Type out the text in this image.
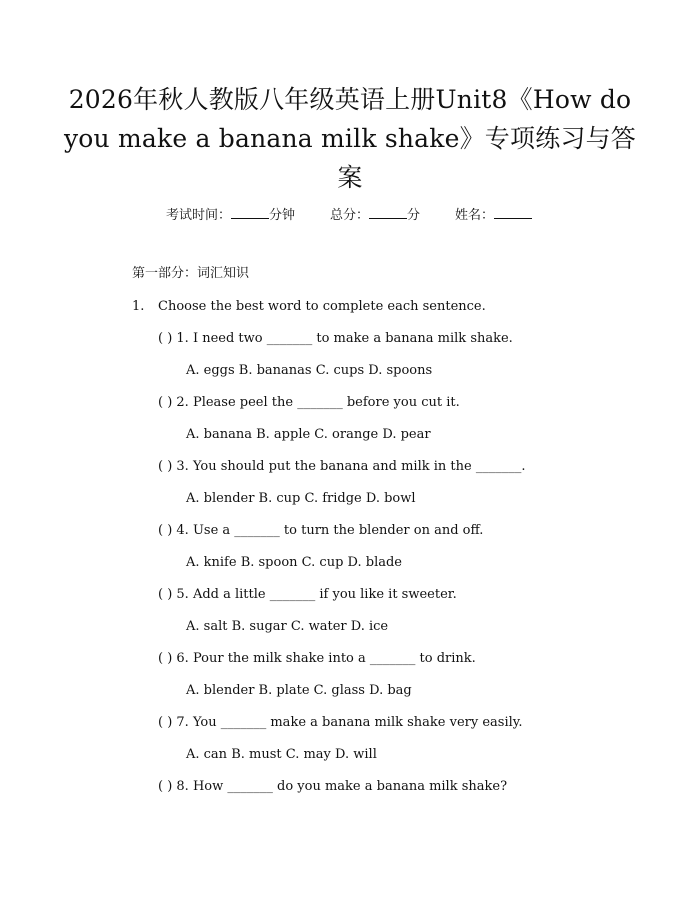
2026年秋人教版八年级英语上册Unit8《How do you make a banana milk shake》专项练习与答案
考试时间：	分钟	总分：	分	姓名：
第一部分：词汇知识
1. Choose the best word to complete each sentence.
( ) 1. I need two _______ to make a banana milk shake.
A. eggs B. bananas C. cups D. spoons
( ) 2. Please peel the _______ before you cut it.
A. banana B. apple C. orange D. pear
( ) 3. You should put the banana and milk in the _______.
A. blender B. cup C. fridge D. bowl
( ) 4. Use a _______ to turn the blender on and off.
A. knife B. spoon C. cup D. blade
( ) 5. Add a little _______ if you like it sweeter.
A. salt B. sugar C. water D. ice
( ) 6. Pour the milk shake into a _______ to drink.
A. blender B. plate C. glass D. bag
( ) 7. You _______ make a banana milk shake very easily.
A. can B. must C. may D. will
( ) 8. How _______ do you make a banana milk shake?
